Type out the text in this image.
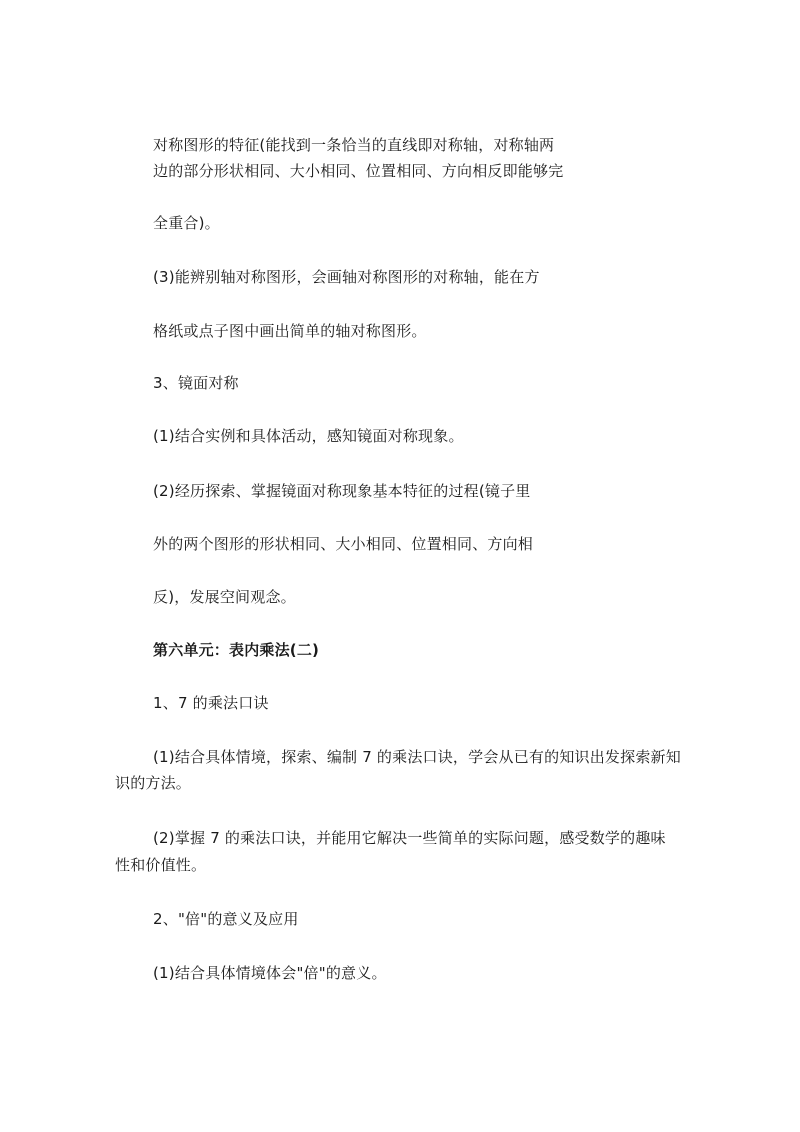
对称图形的特征(能找到一条恰当的直线即对称轴，对称轴两
边的部分形状相同、大小相同、位置相同、方向相反即能够完
全重合)。
(3)能辨别轴对称图形，会画轴对称图形的对称轴，能在方
格纸或点子图中画出简单的轴对称图形。
3、镜面对称
(1)结合实例和具体活动，感知镜面对称现象。
(2)经历探索、掌握镜面对称现象基本特征的过程(镜子里
外的两个图形的形状相同、大小相同、位置相同、方向相
反)，发展空间观念。
第六单元：表内乘法(二)
1、7 的乘法口诀
(1)结合具体情境，探索、编制 7 的乘法口诀，学会从已有的知识出发探索新知
识的方法。
(2)掌握 7 的乘法口诀，并能用它解决一些简单的实际问题，感受数学的趣味
性和价值性。
2、"倍"的意义及应用
(1)结合具体情境体会"倍"的意义。
